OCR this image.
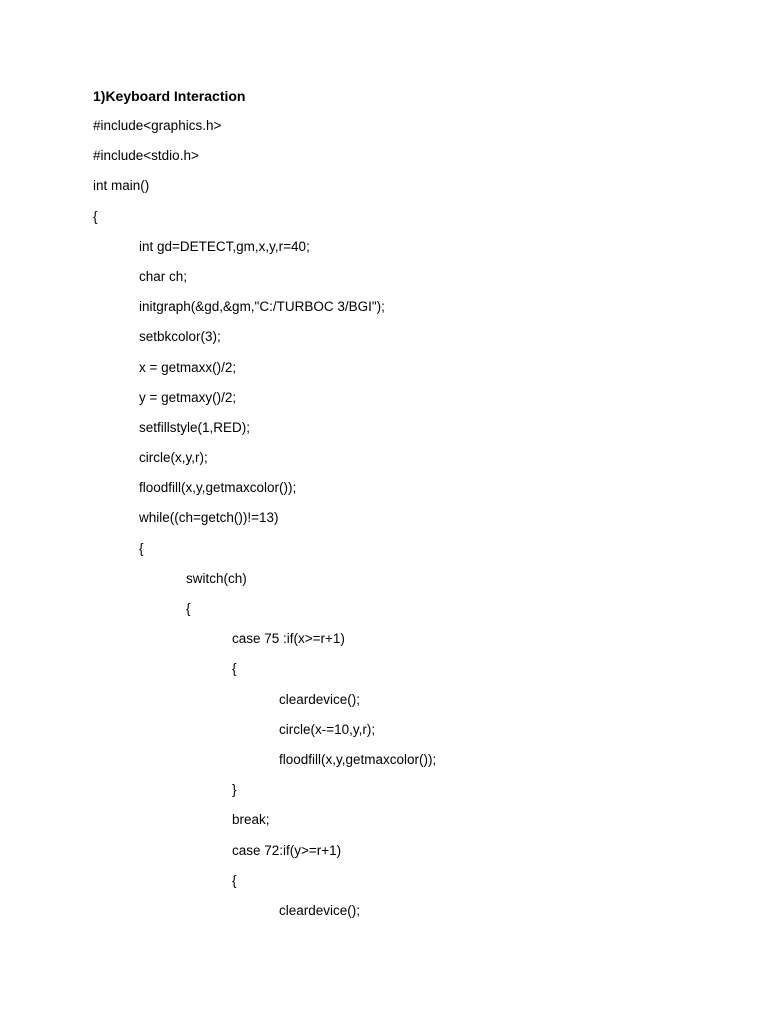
1)Keyboard Interaction
#include<graphics.h>
#include<stdio.h>
int main()
{
int gd=DETECT,gm,x,y,r=40;
char ch;
initgraph(&gd,&gm,"C:/TURBOC 3/BGI");
setbkcolor(3);
x = getmaxx()/2;
y = getmaxy()/2;
setfillstyle(1,RED);
circle(x,y,r);
floodfill(x,y,getmaxcolor());
while((ch=getch())!=13)
{
switch(ch)
{
case 75 :if(x>=r+1)
{
cleardevice();
circle(x-=10,y,r);
floodfill(x,y,getmaxcolor());
}
break;
case 72:if(y>=r+1)
{
cleardevice();
